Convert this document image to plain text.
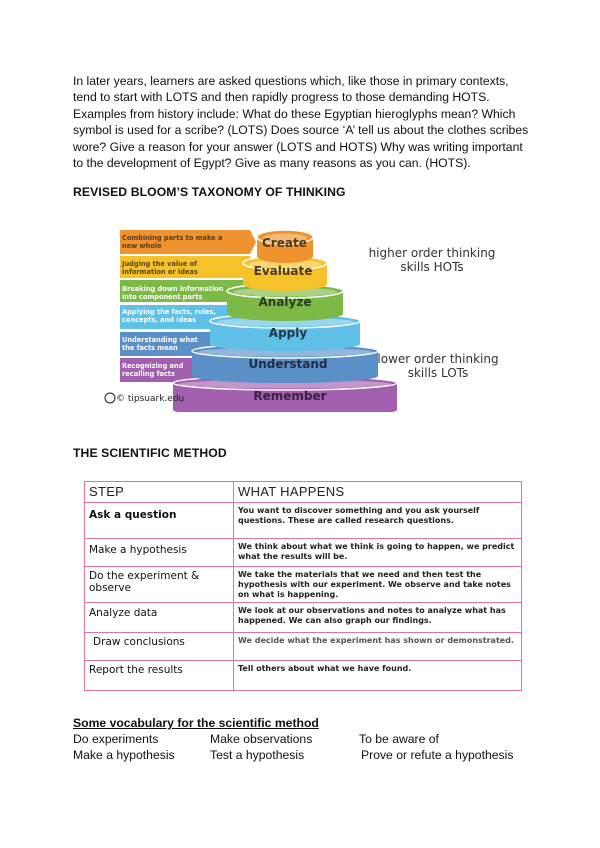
In later years, learners are asked questions which, like those in primary contexts, tend to start with LOTS and then rapidly progress to those demanding HOTS. Examples from history include: What do these Egyptian hieroglyphs mean? Which symbol is used for a scribe? (LOTS) Does source ‘A’ tell us about the clothes scribes wore? Give a reason for your answer (LOTS and HOTS) Why was writing important to the development of Egypt? Give as many reasons as you can. (HOTS).

REVISED BLOOM’S TAXONOMY OF THINKING

Create
Evaluate
Analyze
Apply
Understand
Remember
Combining parts to make a
new whole
Judging the value of
information or ideas
Breaking down information
into component parts
Applying the facts, rules,
concepts, and ideas
Understanding what
the facts mean
Recognizing and
recalling facts
higher order thinking
skills HOTs
lower order thinking
skills LOTs
© tipsuark.edu

THE SCIENTIFIC METHOD

STEP	WHAT HAPPENS
Ask a question	You want to discover something and you ask yourself questions. These are called research questions.
Make a hypothesis	We think about what we think is going to happen, we predict what the results will be.
Do the experiment & observe	We take the materials that we need and then test the hypothesis with our experiment. We observe and take notes on what is happening.
Analyze data	We look at our observations and notes to analyze what has happened. We can also graph our findings.
Draw conclusions	We decide what the experiment has shown or demonstrated.
Report the results	Tell others about what we have found.

Some vocabulary for the scientific method

Do experiments	Make observations	To be aware of

Make a hypothesis	Test a hypothesis	Prove or refute a hypothesis
